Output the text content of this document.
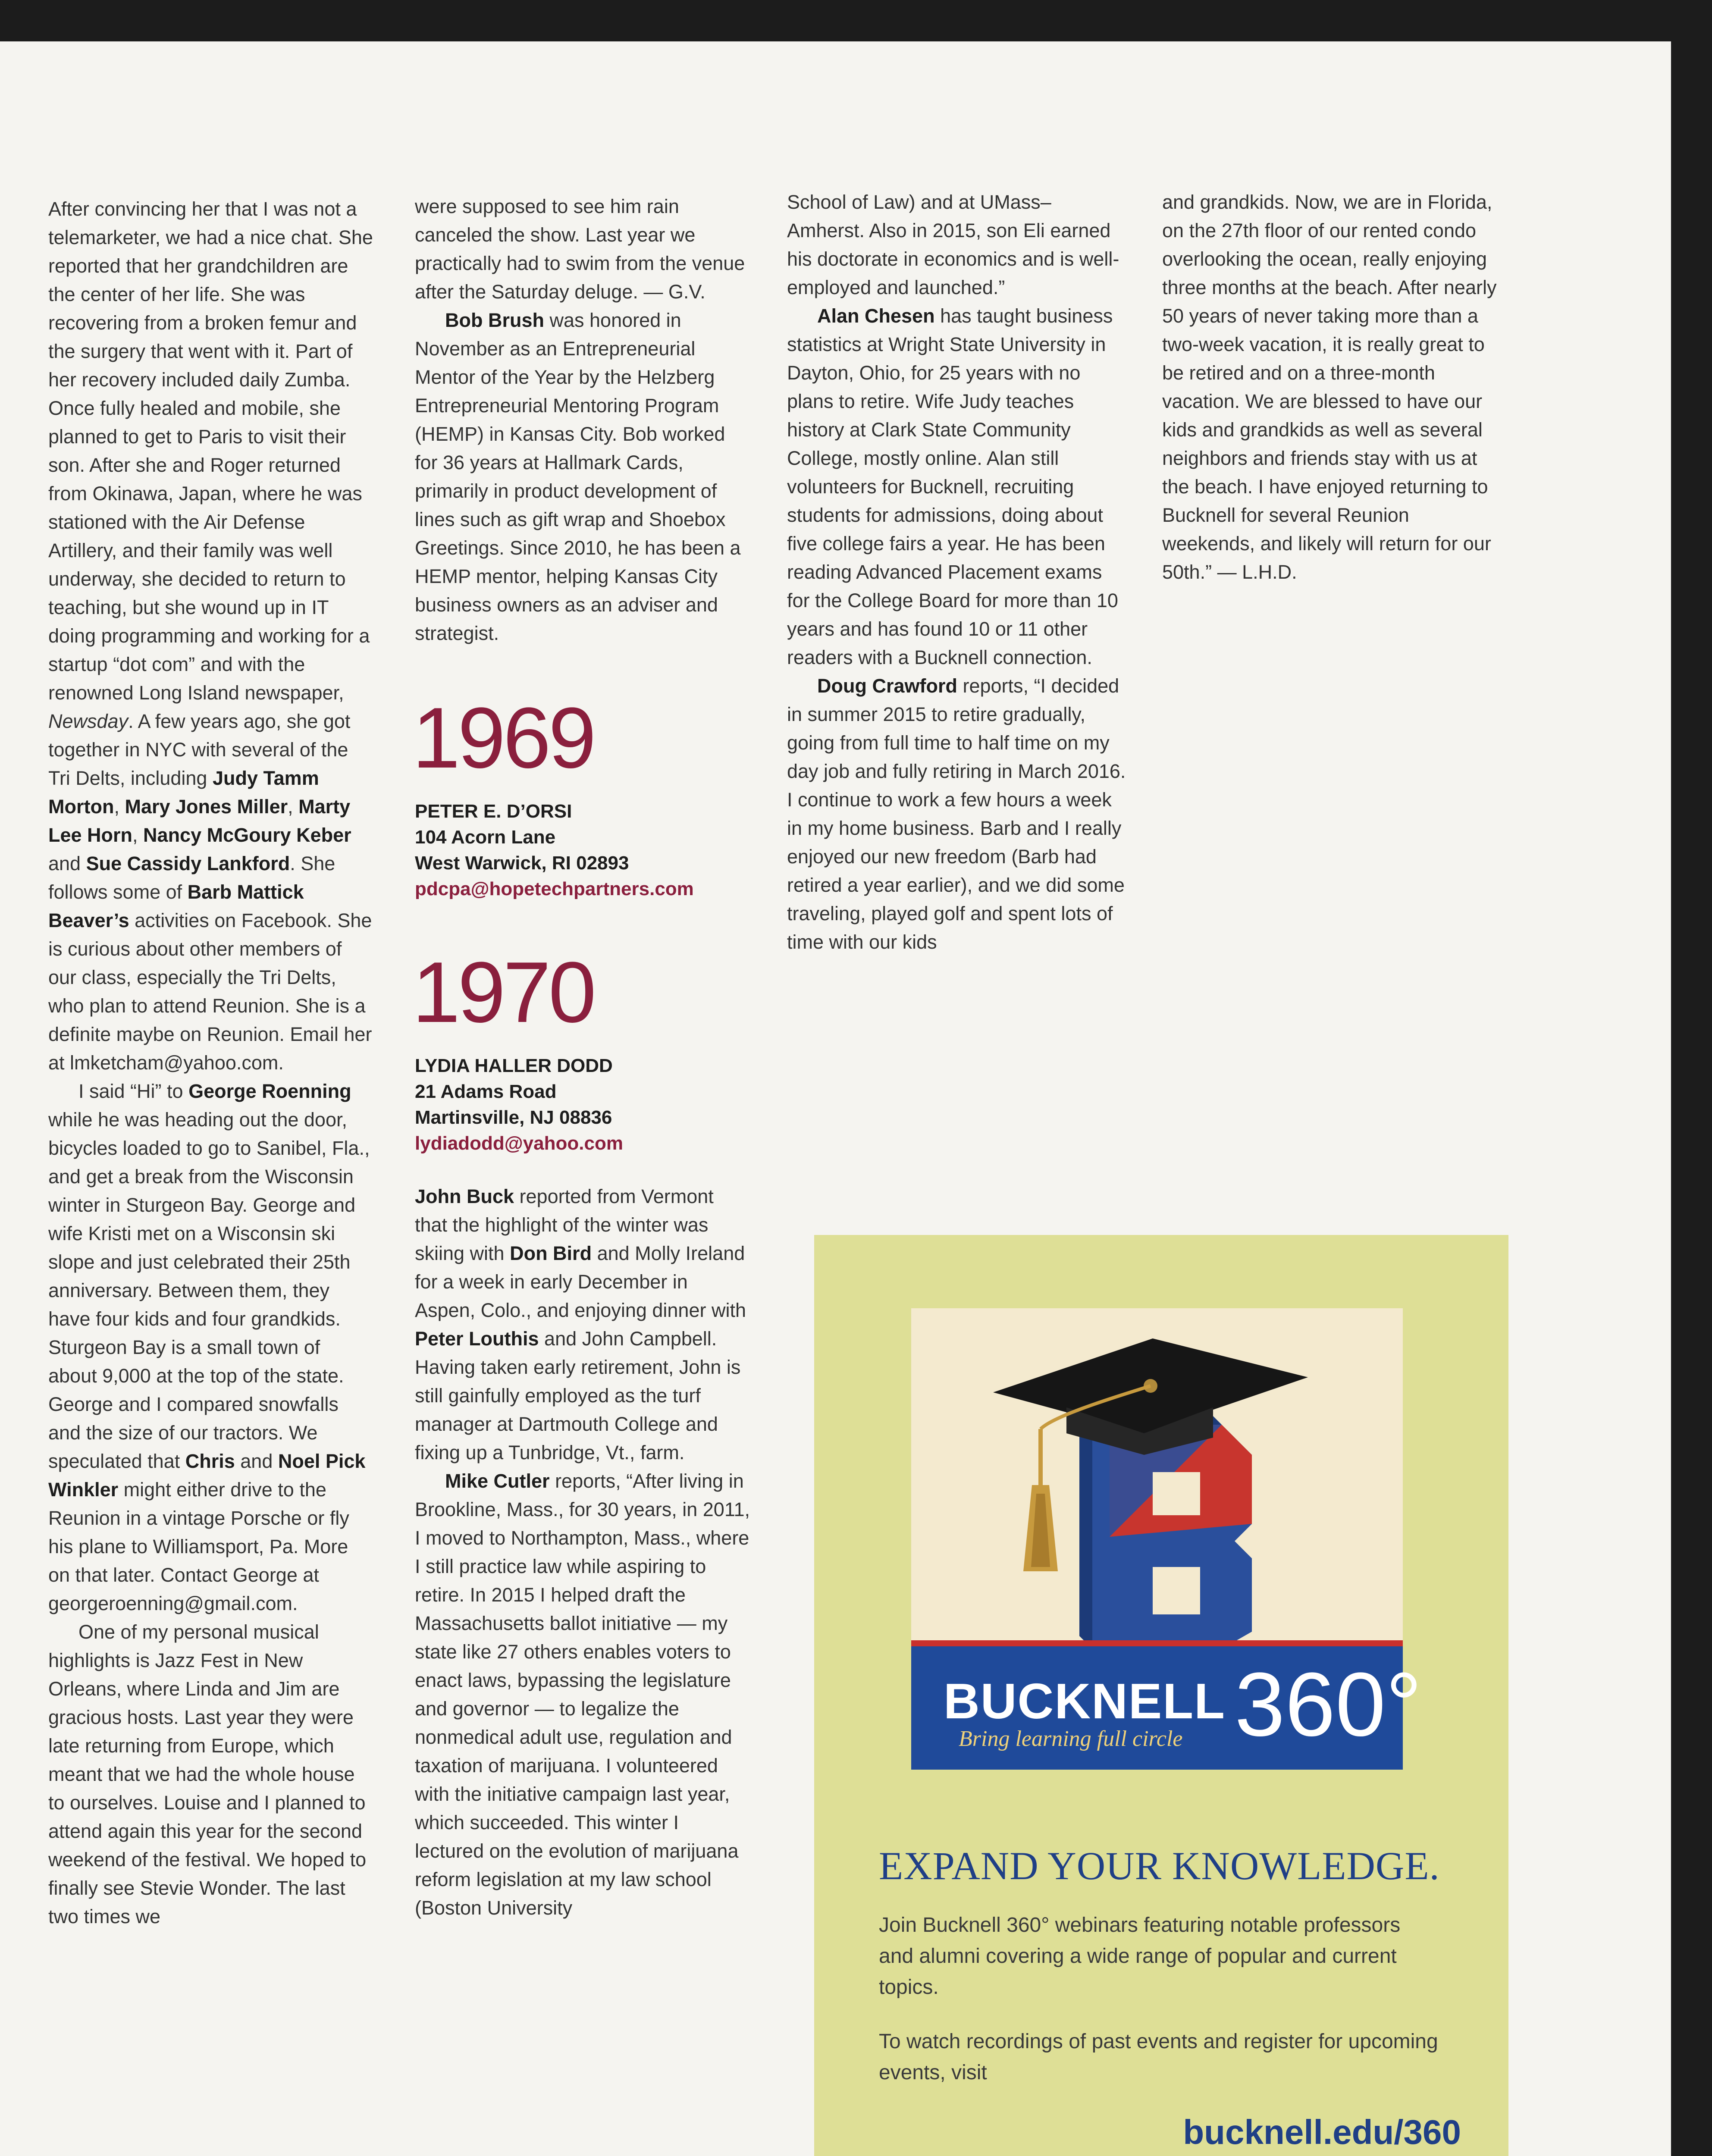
After convincing her that I was not a telemarketer, we had a nice chat. She reported that her grandchildren are the center of her life. She was recovering from a broken femur and the surgery that went with it. Part of her recovery included daily Zumba. Once fully healed and mobile, she planned to get to Paris to visit their son. After she and Roger returned from Okinawa, Japan, where he was stationed with the Air Defense Artillery, and their family was well underway, she decided to return to teaching, but she wound up in IT doing programming and working for a startup “dot com” and with the renowned Long Island newspaper, Newsday. A few years ago, she got together in NYC with several of the Tri Delts, including Judy Tamm Morton, Mary Jones Miller, Marty Lee Horn, Nancy McGoury Keber and Sue Cassidy Lankford. She follows some of Barb Mattick Beaver’s activities on Facebook. She is curious about other members of our class, especially the Tri Delts, who plan to attend Reunion. She is a definite maybe on Reunion. Email her at lmketcham@yahoo.com.

I said “Hi” to George Roenning while he was heading out the door, bicycles loaded to go to Sanibel, Fla., and get a break from the Wisconsin winter in Sturgeon Bay. George and wife Kristi met on a Wisconsin ski slope and just celebrated their 25th anniversary. Between them, they have four kids and four grandkids. Sturgeon Bay is a small town of about 9,000 at the top of the state. George and I compared snowfalls and the size of our tractors. We speculated that Chris and Noel Pick Winkler might either drive to the Reunion in a vintage Porsche or fly his plane to Williamsport, Pa. More on that later. Contact George at georgeroenning@gmail.com.

One of my personal musical highlights is Jazz Fest in New Orleans, where Linda and Jim are gracious hosts. Last year they were late returning from Europe, which meant that we had the whole house to ourselves. Louise and I planned to attend again this year for the second weekend of the festival. We hoped to finally see Stevie Wonder. The last two times we

were supposed to see him rain canceled the show. Last year we practically had to swim from the venue after the Saturday deluge. — G.V.

Bob Brush was honored in November as an Entrepreneurial Mentor of the Year by the Helzberg Entrepreneurial Mentoring Program (HEMP) in Kansas City. Bob worked for 36 years at Hallmark Cards, primarily in product development of lines such as gift wrap and Shoebox Greetings. Since 2010, he has been a HEMP mentor, helping Kansas City business owners as an adviser and strategist.

1969
PETER E. D’ORSI
104 Acorn Lane
West Warwick, RI 02893
pdcpa@hopetechpartners.com
1970
LYDIA HALLER DODD
21 Adams Road
Martinsville, NJ 08836
lydiadodd@yahoo.com

John Buck reported from Vermont that the highlight of the winter was skiing with Don Bird and Molly Ireland for a week in early December in Aspen, Colo., and enjoying dinner with Peter Louthis and John Campbell. Having taken early retirement, John is still gainfully employed as the turf manager at Dartmouth College and fixing up a Tunbridge, Vt., farm.

Mike Cutler reports, “After living in Brookline, Mass., for 30 years, in 2011, I moved to Northampton, Mass., where I still practice law while aspiring to retire. In 2015 I helped draft the Massachusetts ballot initiative — my state like 27 others enables voters to enact laws, bypassing the legislature and governor — to legalize the nonmedical adult use, regulation and taxation of marijuana. I volunteered with the initiative campaign last year, which succeeded. This winter I lectured on the evolution of marijuana reform legislation at my law school (Boston University

School of Law) and at UMass–Amherst. Also in 2015, son Eli earned his doctorate in economics and is well-employed and launched.”

Alan Chesen has taught business statistics at Wright State University in Dayton, Ohio, for 25 years with no plans to retire. Wife Judy teaches history at Clark State Community College, mostly online. Alan still volunteers for Bucknell, recruiting students for admissions, doing about five college fairs a year. He has been reading Advanced Placement exams for the College Board for more than 10 years and has found 10 or 11 other readers with a Bucknell connection.

Doug Crawford reports, “I decided in summer 2015 to retire gradually, going from full time to half time on my day job and fully retiring in March 2016. I continue to work a few hours a week in my home business. Barb and I really enjoyed our new freedom (Barb had retired a year earlier), and we did some traveling, played golf and spent lots of time with our kids

and grandkids. Now, we are in Florida, on the 27th floor of our rented condo overlooking the ocean, really enjoying three months at the beach. After nearly 50 years of never taking more than a two-week vacation, it is really great to be retired and on a three-month vacation. We are blessed to have our kids and grandkids as well as several neighbors and friends stay with us at the beach. I have enjoyed returning to Bucknell for several Reunion weekends, and likely will return for our 50th.” — L.H.D.

BUCKNELL 360°
Bring learning full circle
EXPAND YOUR KNOWLEDGE.
Join Bucknell 360° webinars featuring notable professors and alumni covering a wide range of popular and current topics.
To watch recordings of past events and register for upcoming events, visit
bucknell.edu/360
